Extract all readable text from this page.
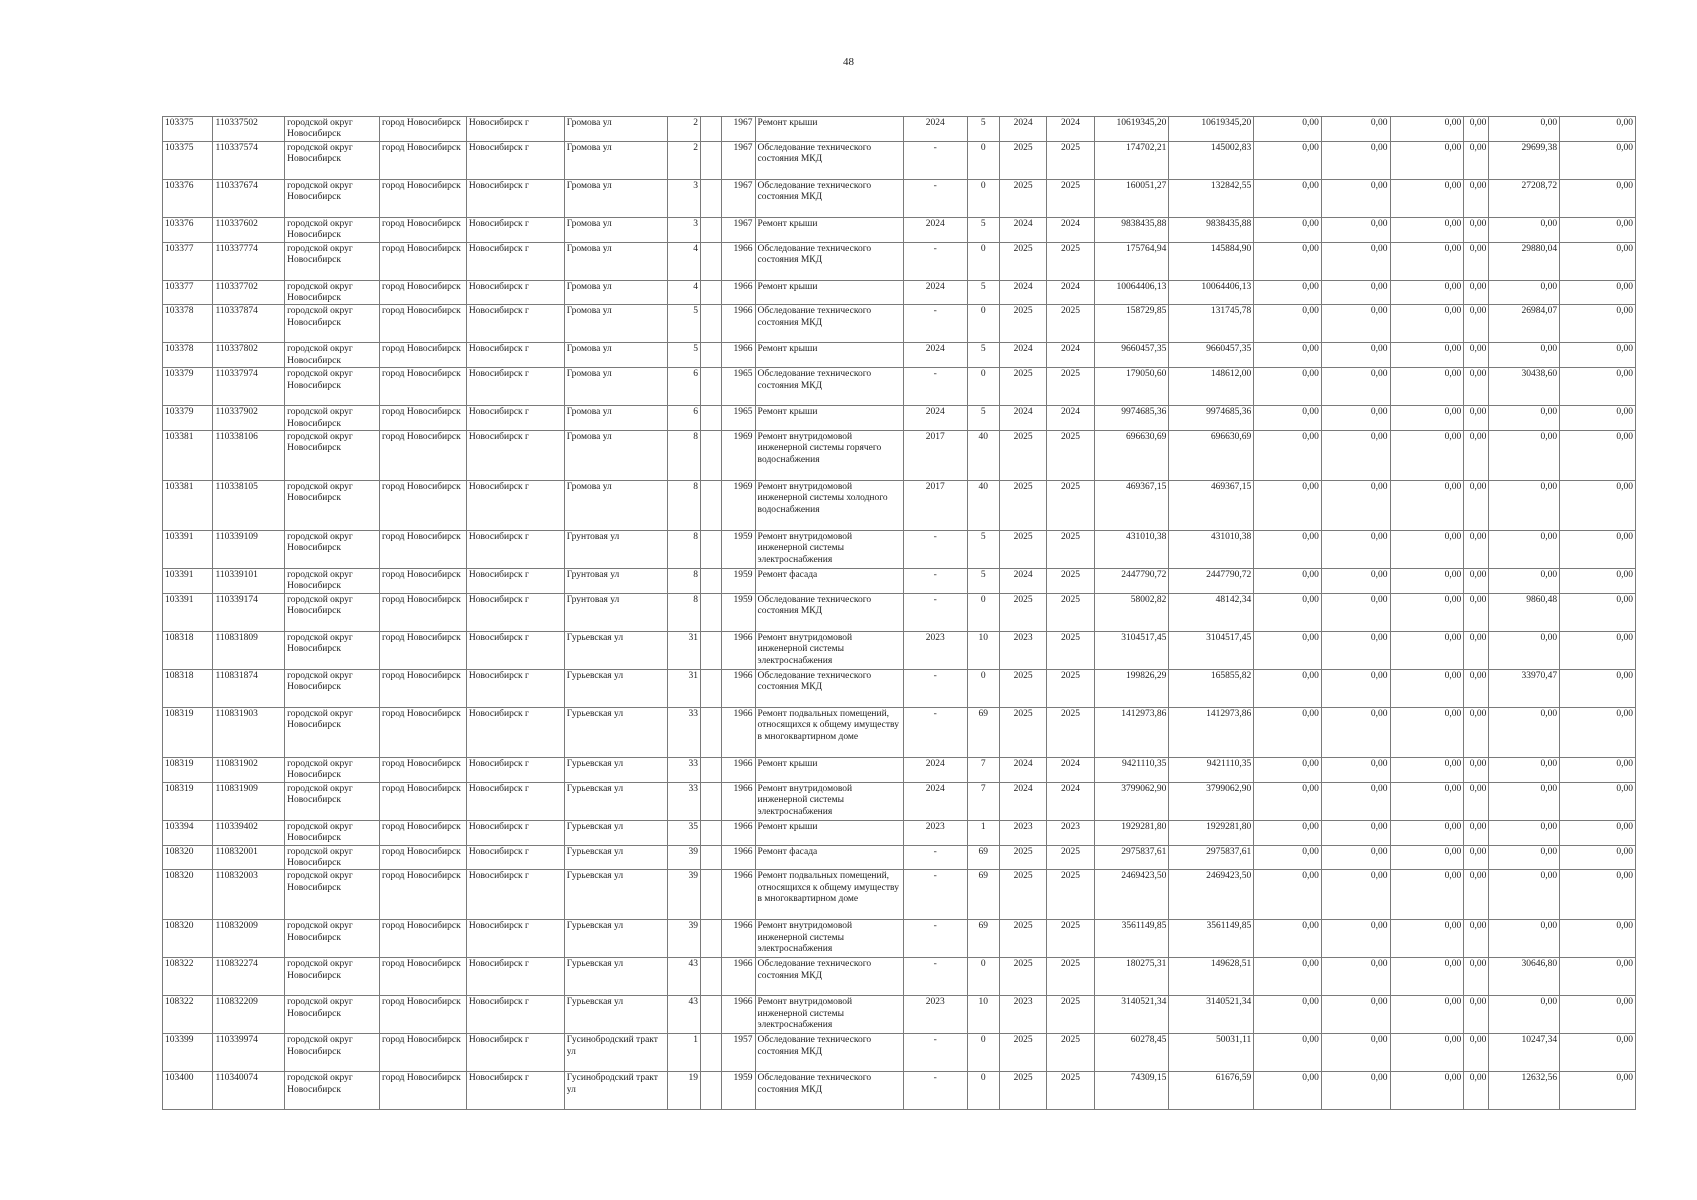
48
103375	110337502	городской округ Новосибирск	город Новосибирск	Новосибирск г	Громова ул	2		1967	Ремонт крыши	2024	5	2024	2024	10619345,20	10619345,20	0,00	0,00	0,00	0,00	0,00	0,00
103375	110337574	городской округ Новосибирск	город Новосибирск	Новосибирск г	Громова ул	2		1967	Обследование технического состояния МКД	-	0	2025	2025	174702,21	145002,83	0,00	0,00	0,00	0,00	29699,38	0,00
103376	110337674	городской округ Новосибирск	город Новосибирск	Новосибирск г	Громова ул	3		1967	Обследование технического состояния МКД	-	0	2025	2025	160051,27	132842,55	0,00	0,00	0,00	0,00	27208,72	0,00
103376	110337602	городской округ Новосибирск	город Новосибирск	Новосибирск г	Громова ул	3		1967	Ремонт крыши	2024	5	2024	2024	9838435,88	9838435,88	0,00	0,00	0,00	0,00	0,00	0,00
103377	110337774	городской округ Новосибирск	город Новосибирск	Новосибирск г	Громова ул	4		1966	Обследование технического состояния МКД	-	0	2025	2025	175764,94	145884,90	0,00	0,00	0,00	0,00	29880,04	0,00
103377	110337702	городской округ Новосибирск	город Новосибирск	Новосибирск г	Громова ул	4		1966	Ремонт крыши	2024	5	2024	2024	10064406,13	10064406,13	0,00	0,00	0,00	0,00	0,00	0,00
103378	110337874	городской округ Новосибирск	город Новосибирск	Новосибирск г	Громова ул	5		1966	Обследование технического состояния МКД	-	0	2025	2025	158729,85	131745,78	0,00	0,00	0,00	0,00	26984,07	0,00
103378	110337802	городской округ Новосибирск	город Новосибирск	Новосибирск г	Громова ул	5		1966	Ремонт крыши	2024	5	2024	2024	9660457,35	9660457,35	0,00	0,00	0,00	0,00	0,00	0,00
103379	110337974	городской округ Новосибирск	город Новосибирск	Новосибирск г	Громова ул	6		1965	Обследование технического состояния МКД	-	0	2025	2025	179050,60	148612,00	0,00	0,00	0,00	0,00	30438,60	0,00
103379	110337902	городской округ Новосибирск	город Новосибирск	Новосибирск г	Громова ул	6		1965	Ремонт крыши	2024	5	2024	2024	9974685,36	9974685,36	0,00	0,00	0,00	0,00	0,00	0,00
103381	110338106	городской округ Новосибирск	город Новосибирск	Новосибирск г	Громова ул	8		1969	Ремонт внутридомовой инженерной системы горячего водоснабжения	2017	40	2025	2025	696630,69	696630,69	0,00	0,00	0,00	0,00	0,00	0,00
103381	110338105	городской округ Новосибирск	город Новосибирск	Новосибирск г	Громова ул	8		1969	Ремонт внутридомовой инженерной системы холодного водоснабжения	2017	40	2025	2025	469367,15	469367,15	0,00	0,00	0,00	0,00	0,00	0,00
103391	110339109	городской округ Новосибирск	город Новосибирск	Новосибирск г	Грунтовая ул	8		1959	Ремонт внутридомовой инженерной системы электроснабжения	-	5	2025	2025	431010,38	431010,38	0,00	0,00	0,00	0,00	0,00	0,00
103391	110339101	городской округ Новосибирск	город Новосибирск	Новосибирск г	Грунтовая ул	8		1959	Ремонт фасада	-	5	2024	2025	2447790,72	2447790,72	0,00	0,00	0,00	0,00	0,00	0,00
103391	110339174	городской округ Новосибирск	город Новосибирск	Новосибирск г	Грунтовая ул	8		1959	Обследование технического состояния МКД	-	0	2025	2025	58002,82	48142,34	0,00	0,00	0,00	0,00	9860,48	0,00
108318	110831809	городской округ Новосибирск	город Новосибирск	Новосибирск г	Гурьевская ул	31		1966	Ремонт внутридомовой инженерной системы электроснабжения	2023	10	2023	2025	3104517,45	3104517,45	0,00	0,00	0,00	0,00	0,00	0,00
108318	110831874	городской округ Новосибирск	город Новосибирск	Новосибирск г	Гурьевская ул	31		1966	Обследование технического состояния МКД	-	0	2025	2025	199826,29	165855,82	0,00	0,00	0,00	0,00	33970,47	0,00
108319	110831903	городской округ Новосибирск	город Новосибирск	Новосибирск г	Гурьевская ул	33		1966	Ремонт подвальных помещений, относящихся к общему имуществу в многоквартирном доме	-	69	2025	2025	1412973,86	1412973,86	0,00	0,00	0,00	0,00	0,00	0,00
108319	110831902	городской округ Новосибирск	город Новосибирск	Новосибирск г	Гурьевская ул	33		1966	Ремонт крыши	2024	7	2024	2024	9421110,35	9421110,35	0,00	0,00	0,00	0,00	0,00	0,00
108319	110831909	городской округ Новосибирск	город Новосибирск	Новосибирск г	Гурьевская ул	33		1966	Ремонт внутридомовой инженерной системы электроснабжения	2024	7	2024	2024	3799062,90	3799062,90	0,00	0,00	0,00	0,00	0,00	0,00
103394	110339402	городской округ Новосибирск	город Новосибирск	Новосибирск г	Гурьевская ул	35		1966	Ремонт крыши	2023	1	2023	2023	1929281,80	1929281,80	0,00	0,00	0,00	0,00	0,00	0,00
108320	110832001	городской округ Новосибирск	город Новосибирск	Новосибирск г	Гурьевская ул	39		1966	Ремонт фасада	-	69	2025	2025	2975837,61	2975837,61	0,00	0,00	0,00	0,00	0,00	0,00
108320	110832003	городской округ Новосибирск	город Новосибирск	Новосибирск г	Гурьевская ул	39		1966	Ремонт подвальных помещений, относящихся к общему имуществу в многоквартирном доме	-	69	2025	2025	2469423,50	2469423,50	0,00	0,00	0,00	0,00	0,00	0,00
108320	110832009	городской округ Новосибирск	город Новосибирск	Новосибирск г	Гурьевская ул	39		1966	Ремонт внутридомовой инженерной системы электроснабжения	-	69	2025	2025	3561149,85	3561149,85	0,00	0,00	0,00	0,00	0,00	0,00
108322	110832274	городской округ Новосибирск	город Новосибирск	Новосибирск г	Гурьевская ул	43		1966	Обследование технического состояния МКД	-	0	2025	2025	180275,31	149628,51	0,00	0,00	0,00	0,00	30646,80	0,00
108322	110832209	городской округ Новосибирск	город Новосибирск	Новосибирск г	Гурьевская ул	43		1966	Ремонт внутридомовой инженерной системы электроснабжения	2023	10	2023	2025	3140521,34	3140521,34	0,00	0,00	0,00	0,00	0,00	0,00
103399	110339974	городской округ Новосибирск	город Новосибирск	Новосибирск г	Гусинобродский тракт ул	1		1957	Обследование технического состояния МКД	-	0	2025	2025	60278,45	50031,11	0,00	0,00	0,00	0,00	10247,34	0,00
103400	110340074	городской округ Новосибирск	город Новосибирск	Новосибирск г	Гусинобродский тракт ул	19		1959	Обследование технического состояния МКД	-	0	2025	2025	74309,15	61676,59	0,00	0,00	0,00	0,00	12632,56	0,00
